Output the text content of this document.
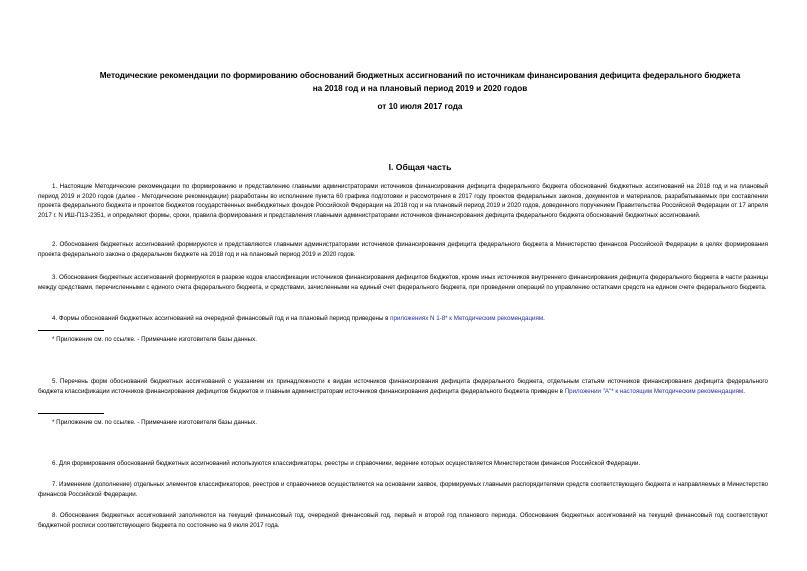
Методические рекомендации по формированию обоснований бюджетных ассигнований по источникам финансирования дефицита федерального бюджета
на 2018 год и на плановый период 2019 и 2020 годов

от 10 июля 2017 года

I. Общая часть

1. Настоящие Методические рекомендации по формированию и представлению главными администраторами источников финансирования дефицита федерального бюджета обоснований бюджетных ассигнований на 2018 год и на плановый период 2019 и 2020 годов (далее - Методические рекомендации) разработаны во исполнение пункта 60 графика подготовки и рассмотрения в 2017 году проектов федеральных законов, документов и материалов, разрабатываемых при составлении проекта федерального бюджета и проектов бюджетов государственных внебюджетных фондов Российской Федерации на 2018 год и на плановый период 2019 и 2020 годов, доведенного поручением Правительства Российской Федерации от 17 апреля 2017 г. N ИШ-П13-2351, и определяют формы, сроки, правила формирования и представления главными администраторами источников финансирования дефицита федерального бюджета обоснований бюджетных ассигнований.

2. Обоснования бюджетных ассигнований формируются и представляются главными администраторами источников финансирования дефицита федерального бюджета в Министерство финансов Российской Федерации в целях формирования проекта федерального закона о федеральном бюджете на 2018 год и на плановый период 2019 и 2020 годов.

3. Обоснования бюджетных ассигнований формируются в разрезе кодов классификации источников финансирования дефицитов бюджетов, кроме иных источников внутреннего финансирования дефицита федерального бюджета в части разницы между средствами, перечисленными с единого счета федерального бюджета, и средствами, зачисленными на единый счет федерального бюджета, при проведении операций по управлению остатками средств на едином счете федерального бюджета.

4. Формы обоснований бюджетных ассигнований на очередной финансовый год и на плановый период приведены в приложениях N 1-8* к Методическим рекомендациям.

* Приложение см. по ссылке. - Примечание изготовителя базы данных.

5. Перечень форм обоснований бюджетных ассигнований с указанием их принадлежности к видам источников финансирования дефицита федерального бюджета, отдельным статьям источников финансирования дефицита федерального бюджета классификации источников финансирования дефицитов бюджетов и главным администраторам источников финансирования дефицита федерального бюджета приведен в Приложении "А"* к настоящим Методическим рекомендациям.

* Приложение см. по ссылке. - Примечание изготовителя базы данных.

6. Для формирования обоснований бюджетных ассигнований используются классификаторы, реестры и справочники, ведение которых осуществляется Министерством финансов Российской Федерации.

7. Изменение (дополнение) отдельных элементов классификаторов, реестров и справочников осуществляется на основании заявок, формируемых главными распорядителями средств соответствующего бюджета и направляемых в Министерство финансов Российской Федерации.

8. Обоснования бюджетных ассигнований заполняются на текущий финансовый год, очередной финансовый год, первый и второй год планового периода. Обоснования бюджетных ассигнований на текущий финансовый год соответствуют бюджетной росписи соответствующего бюджета по состоянию на 9 июля 2017 года.
